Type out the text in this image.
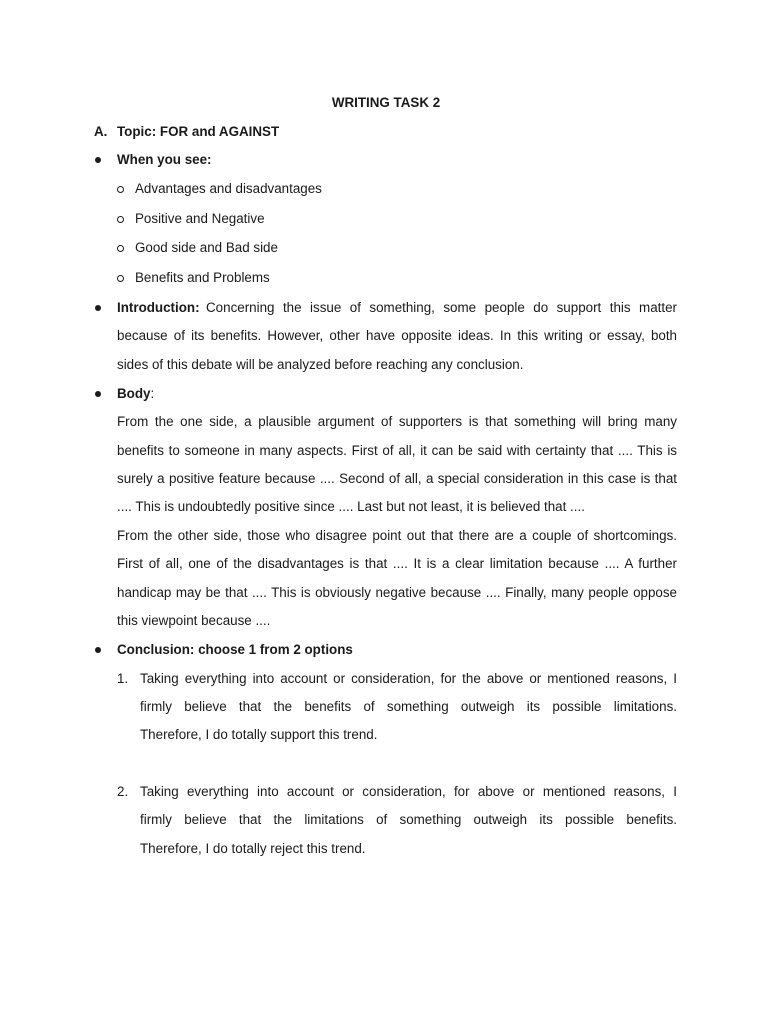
WRITING TASK 2
A. Topic: FOR and AGAINST
When you see:
Advantages and disadvantages
Positive and Negative
Good side and Bad side
Benefits and Problems
Introduction: Concerning the issue of something, some people do support this matter
because of its benefits. However, other have opposite ideas. In this writing or essay, both
sides of this debate will be analyzed before reaching any conclusion.
Body:
From the one side, a plausible argument of supporters is that something will bring many
benefits to someone in many aspects. First of all, it can be said with certainty that .... This is
surely a positive feature because .... Second of all, a special consideration in this case is that
.... This is undoubtedly positive since .... Last but not least, it is believed that ....
From the other side, those who disagree point out that there are a couple of shortcomings.
First of all, one of the disadvantages is that .... It is a clear limitation because .... A further
handicap may be that .... This is obviously negative because .... Finally, many people oppose
this viewpoint because ....
Conclusion: choose 1 from 2 options
1. Taking everything into account or consideration, for the above or mentioned reasons, I
firmly believe that the benefits of something outweigh its possible limitations.
Therefore, I do totally support this trend.
2. Taking everything into account or consideration, for above or mentioned reasons, I
firmly believe that the limitations of something outweigh its possible benefits.
Therefore, I do totally reject this trend.
